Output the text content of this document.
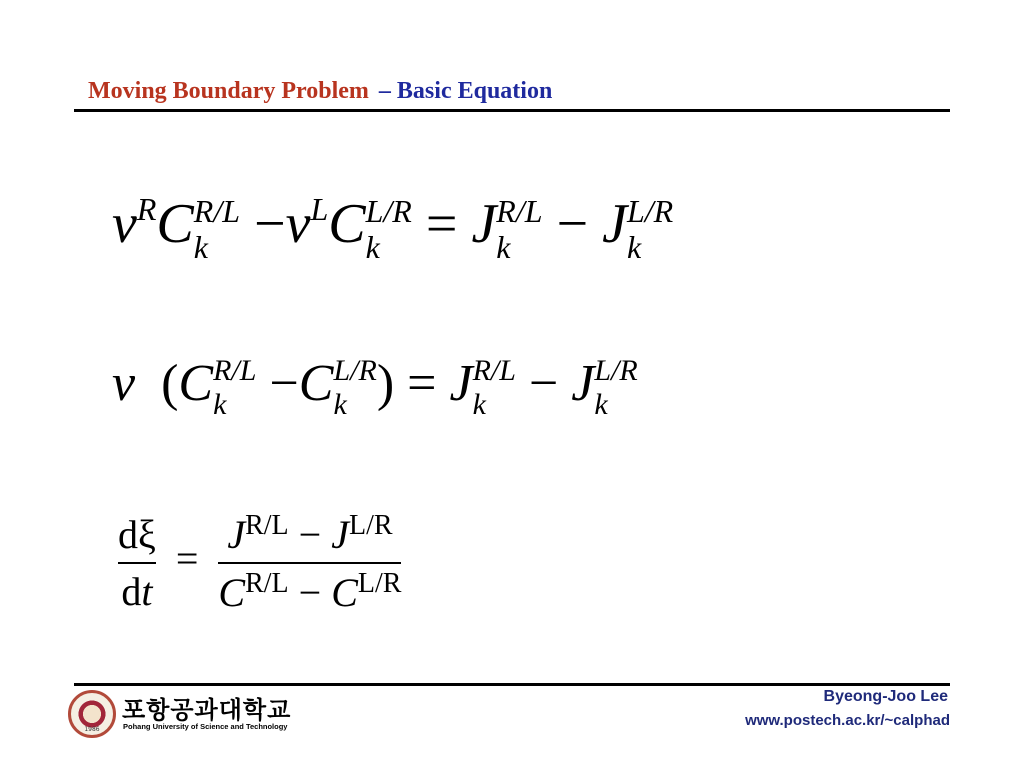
Moving Boundary Problem – Basic Equation
v R C R/L
k −v L C L/R
k = J R/L
k − J L/R
k
v (C R/L
k −C L/R
k ) = J R/L
k − J L/R
k
$\frac{d\xi}{dt} = \frac{J^{R/L} - J^{L/R}}{C^{R/L} - C^{L/R}}$
1986
포항공과대학교
Pohang University of Science and Technology
Byeong-Joo Lee
www.postech.ac.kr/~calphad
